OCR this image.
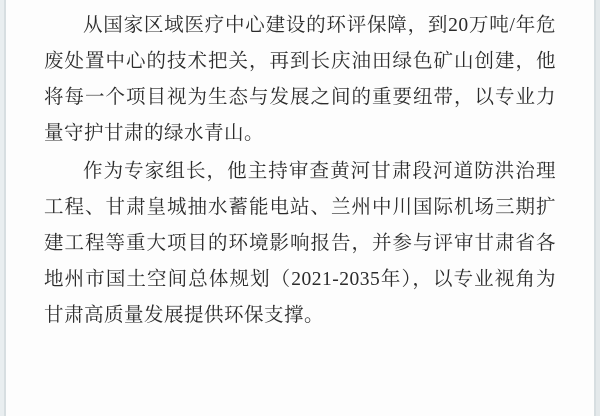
从国家区域医疗中心建设的环评保障，到20万吨/年危废处置中心的技术把关，再到长庆油田绿色矿山创建，他将每一个项目视为生态与发展之间的重要纽带，以专业力量守护甘肃的绿水青山。

作为专家组长，他主持审查黄河甘肃段河道防洪治理工程、甘肃皇城抽水蓄能电站、兰州中川国际机场三期扩建工程等重大项目的环境影响报告，并参与评审甘肃省各地州市国土空间总体规划（2021-2035年），以专业视角为甘肃高质量发展提供环保支撑。
